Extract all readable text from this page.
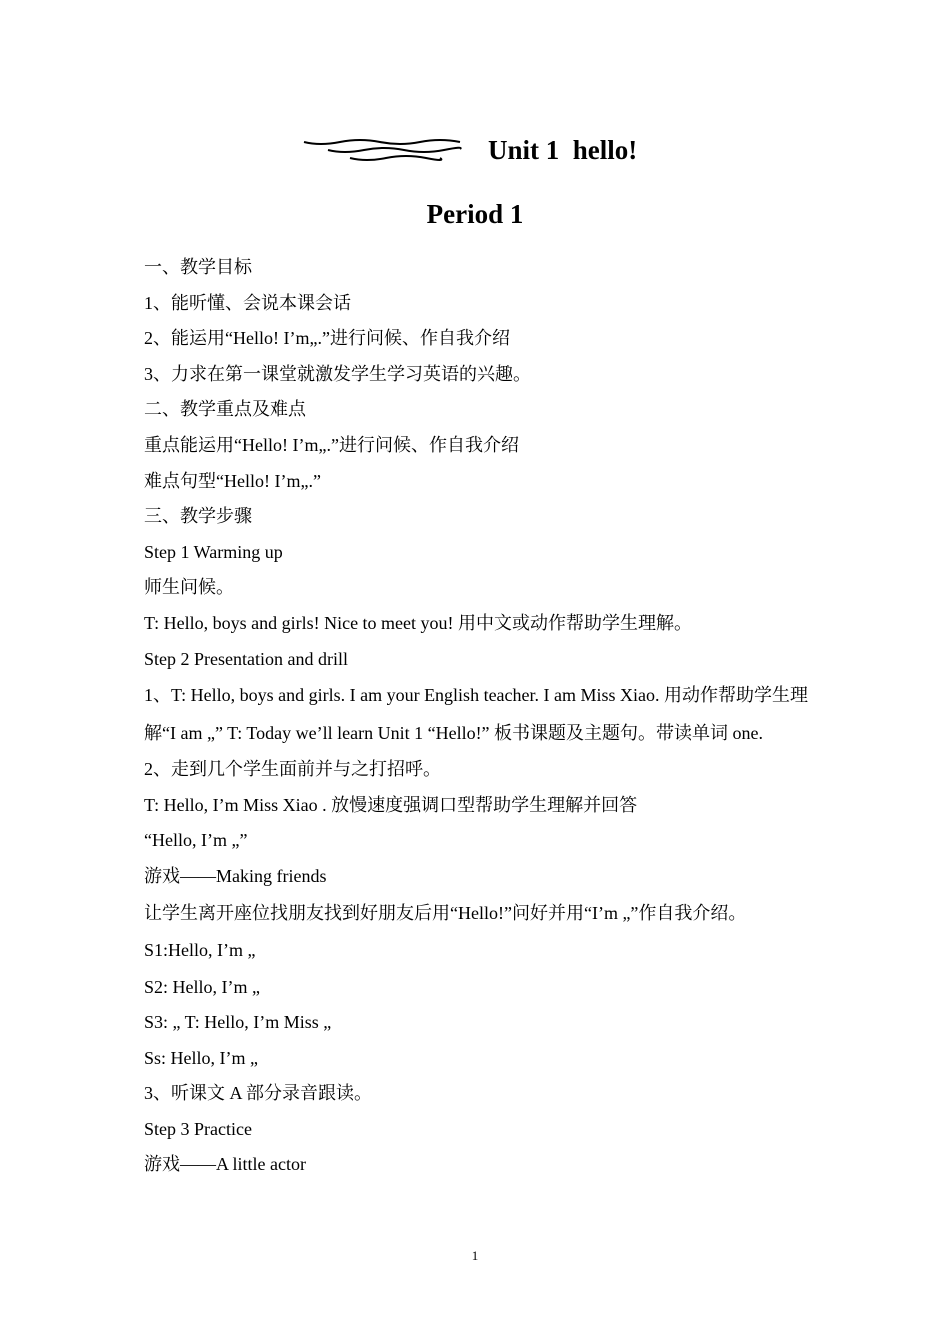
Unit 1  hello!
Period 1
一、教学目标
1、能听懂、会说本课会话
2、能运用“Hello! I’m„.”进行问候、作自我介绍
3、力求在第一课堂就激发学生学习英语的兴趣。
二、教学重点及难点
重点能运用“Hello! I’m„.”进行问候、作自我介绍
难点句型“Hello! I’m„.”
三、教学步骤
Step 1 Warming up
师生问候。
T: Hello, boys and girls! Nice to meet you! 用中文或动作帮助学生理解。
Step 2 Presentation and drill
1、T: Hello, boys and girls. I am your English teacher. I am Miss Xiao. 用动作帮助学生理解“I am „” T: Today we’ll learn Unit 1 “Hello!” 板书课题及主题句。带读单词 one.
2、走到几个学生面前并与之打招呼。
T: Hello, I’m Miss Xiao . 放慢速度强调口型帮助学生理解并回答
“Hello, I’m „”
游戏——Making friends
让学生离开座位找朋友找到好朋友后用“Hello!”问好并用“I’m „”作自我介绍。 S1:Hello, I’m „
S2: Hello, I’m „
S3: „ T: Hello, I’m Miss „
Ss: Hello, I’m „
3、听课文 A 部分录音跟读。
Step 3 Practice
游戏——A little actor
1
